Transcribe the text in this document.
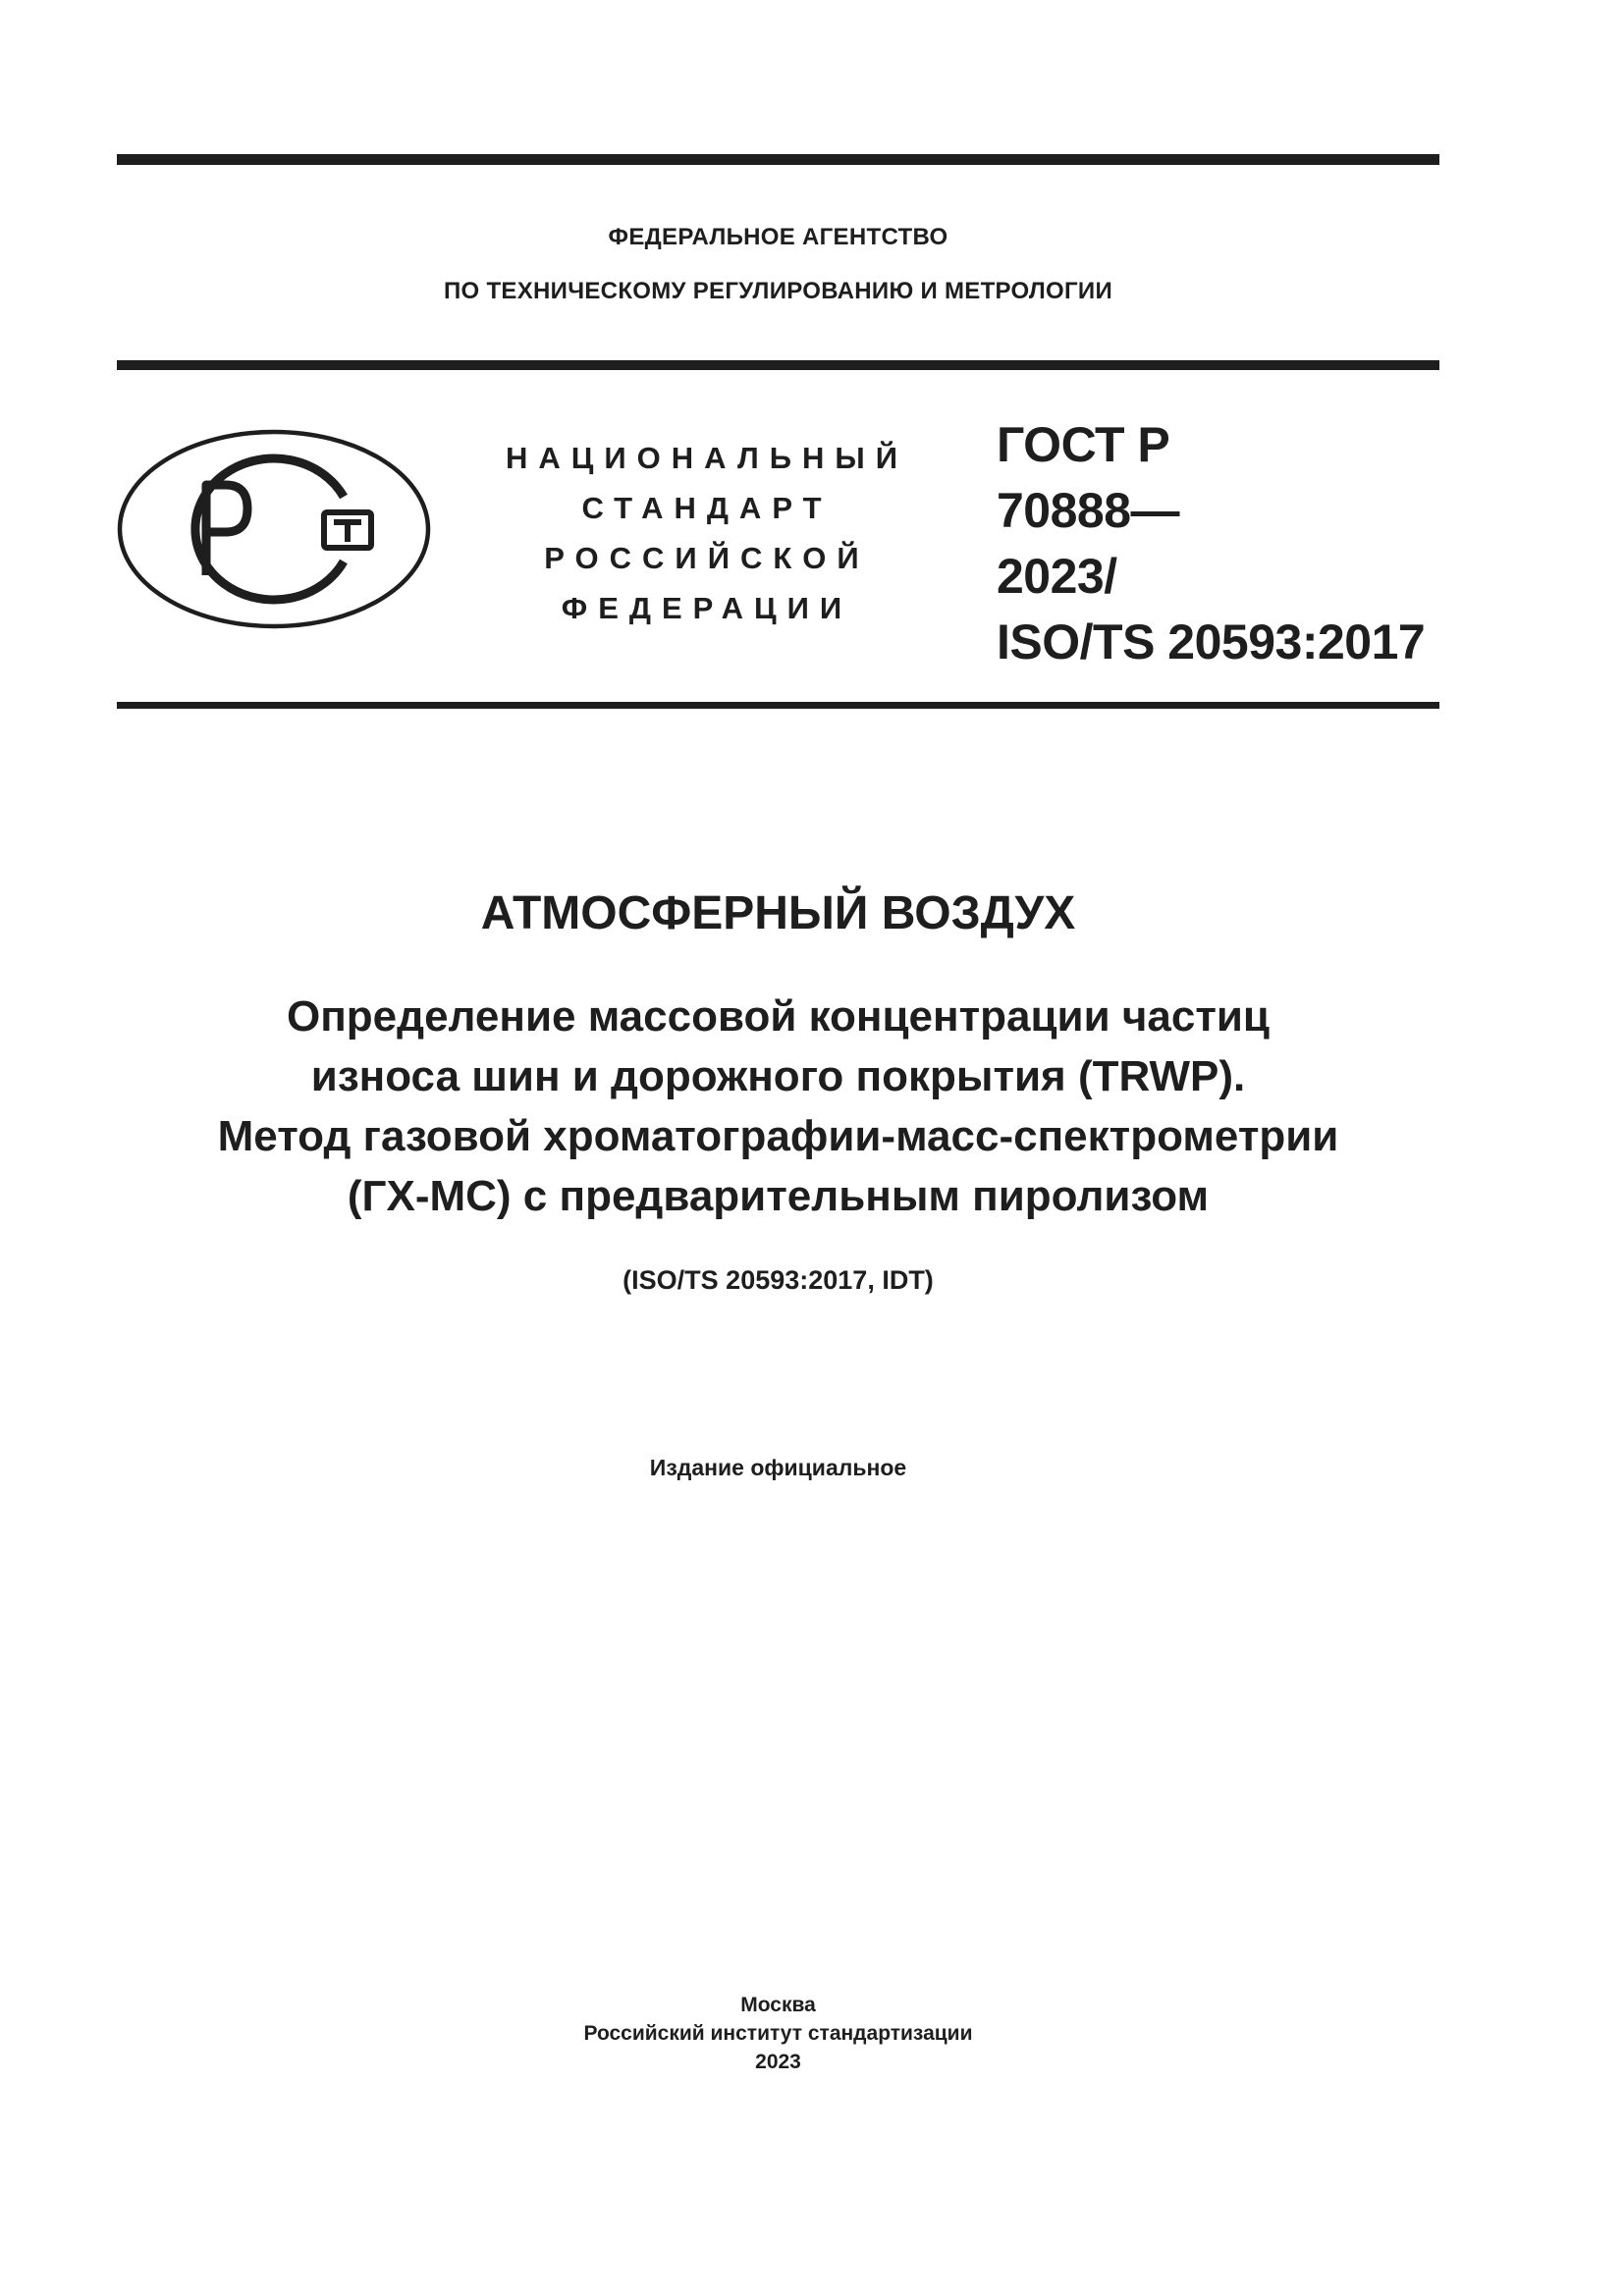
ФЕДЕРАЛЬНОЕ АГЕНТСТВО
ПО ТЕХНИЧЕСКОМУ РЕГУЛИРОВАНИЮ И МЕТРОЛОГИИ
НАЦИОНАЛЬНЫЙ
СТАНДАРТ
РОССИЙСКОЙ
ФЕДЕРАЦИИ
ГОСТ Р
70888—
2023/
ISO/TS 20593:2017
АТМОСФЕРНЫЙ ВОЗДУХ
Определение массовой концентрации частиц
износа шин и дорожного покрытия (TRWP).
Метод газовой хроматографии-масс-спектрометрии
(ГХ-МС) с предварительным пиролизом
(ISO/TS 20593:2017, IDT)
Издание официальное
Москва
Российский институт стандартизации
2023
